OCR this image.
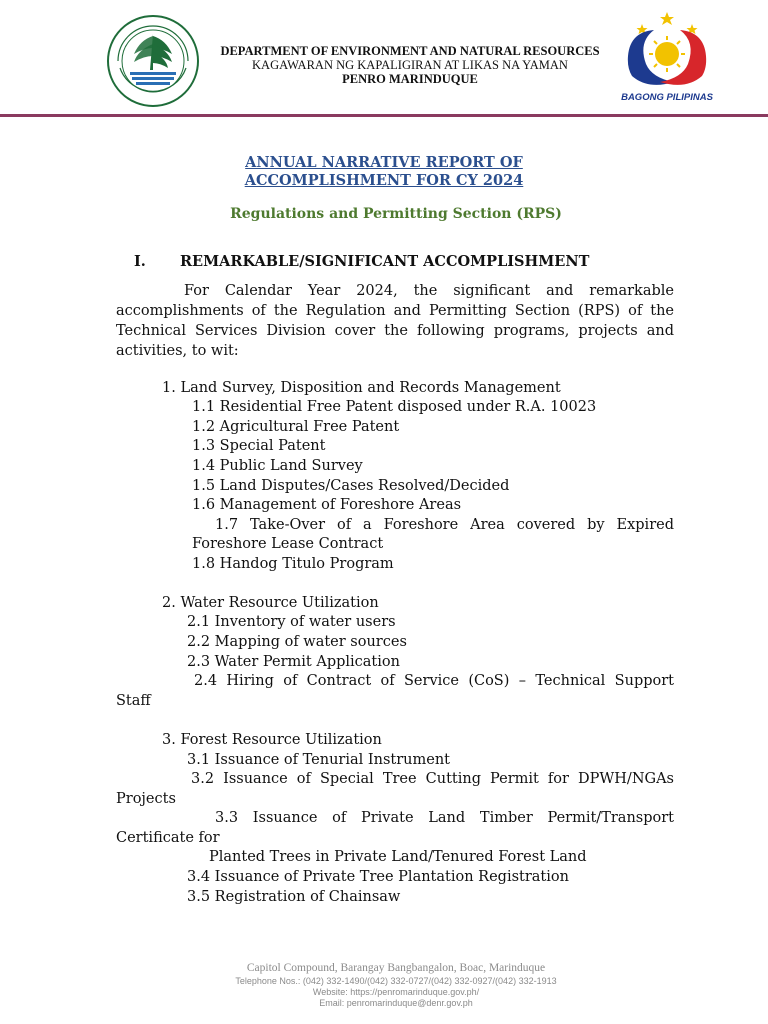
DEPARTMENT OF ENVIRONMENT AND NATURAL RESOURCES
KAGAWARAN NG KAPALIGIRAN AT LIKAS NA YAMAN
PENRO MARINDUQUE
BAGONG PILIPINAS
ANNUAL NARRATIVE REPORT OF
ACCOMPLISHMENT FOR CY 2024
Regulations and Permitting Section (RPS)
I. REMARKABLE/SIGNIFICANT ACCOMPLISHMENT
For Calendar Year 2024, the significant and remarkable accomplishments of the Regulation and Permitting Section (RPS) of the Technical Services Division cover the following programs, projects and activities, to wit:
1. Land Survey, Disposition and Records Management
1.1 Residential Free Patent disposed under R.A. 10023
1.2 Agricultural Free Patent
1.3 Special Patent
1.4 Public Land Survey
1.5 Land Disputes/Cases Resolved/Decided
1.6 Management of Foreshore Areas
1.7 Take-Over of a Foreshore Area covered by Expired
Foreshore Lease Contract
1.8 Handog Titulo Program
2. Water Resource Utilization
2.1 Inventory of water users
2.2 Mapping of water sources
2.3 Water Permit Application
2.4 Hiring of Contract of Service (CoS) – Technical Support
Staff
3. Forest Resource Utilization
3.1 Issuance of Tenurial Instrument
3.2 Issuance of Special Tree Cutting Permit for DPWH/NGAs
Projects
3.3 Issuance of Private Land Timber Permit/Transport
Certificate for
Planted Trees in Private Land/Tenured Forest Land
3.4 Issuance of Private Tree Plantation Registration
3.5 Registration of Chainsaw
Capitol Compound, Barangay Bangbangalon, Boac, Marinduque
Telephone Nos.: (042) 332-1490/(042) 332-0727/(042) 332-0927/(042) 332-1913
Website: https://penromarinduque.gov.ph/
Email: penromarinduque@denr.gov.ph
